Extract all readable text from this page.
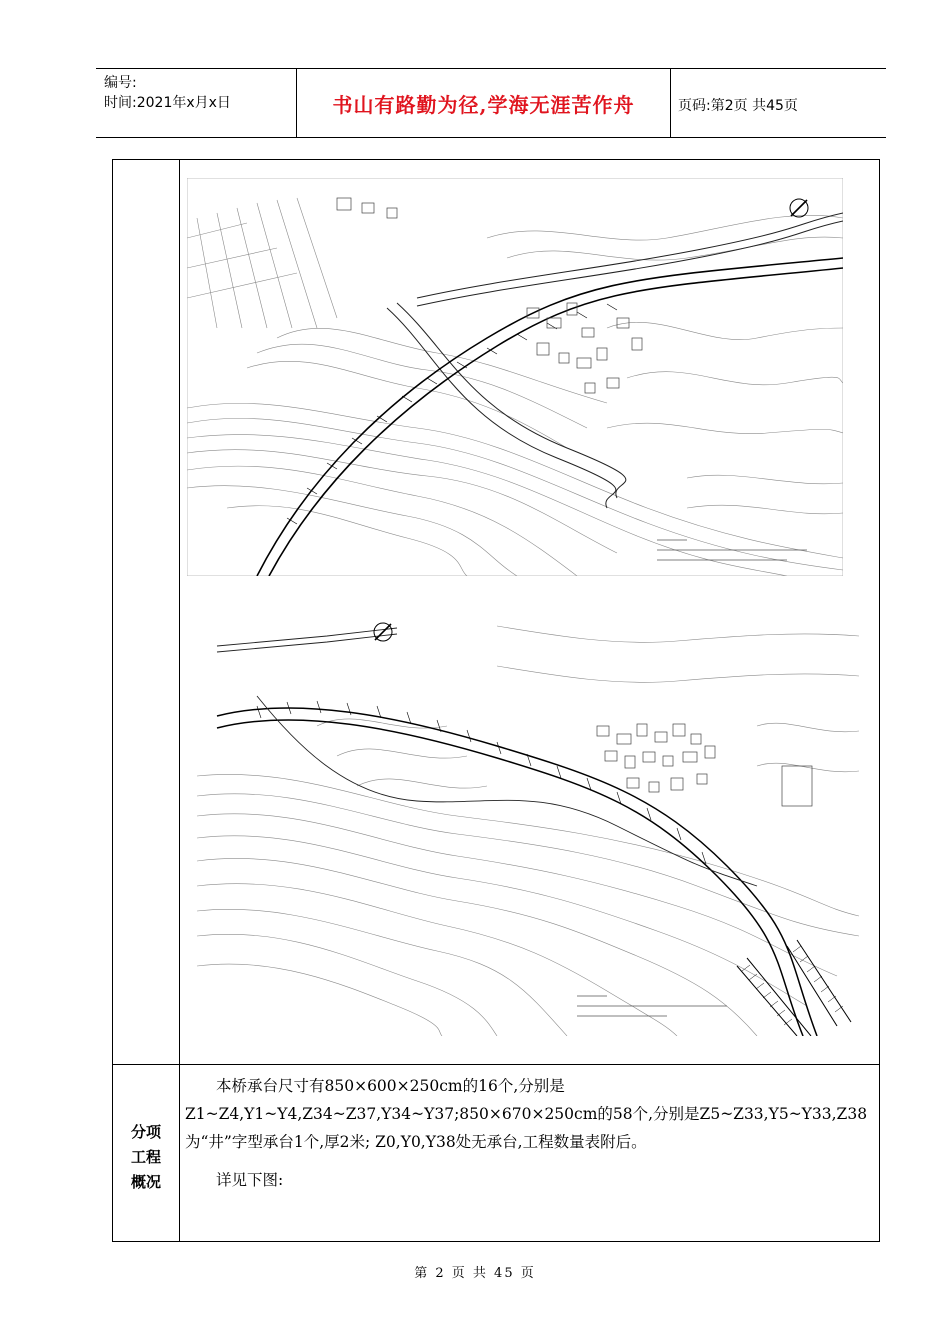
编号:
时间:2021年x月x日	书山有路勤为径,学海无涯苦作舟	页码:第2页 共45页
分项
工程
概况
本桥承台尺寸有850×600×250cm的16个,分别是Z1~Z4,Y1~Y4,Z34~Z37,Y34~Y37;850×670×250cm的58个,分别是Z5~Z33,Y5~Y33,Z38为“井”字型承台1个,厚2米; Z0,Y0,Y38处无承台,工程数量表附后。
详见下图:
第 2 页 共 45 页
